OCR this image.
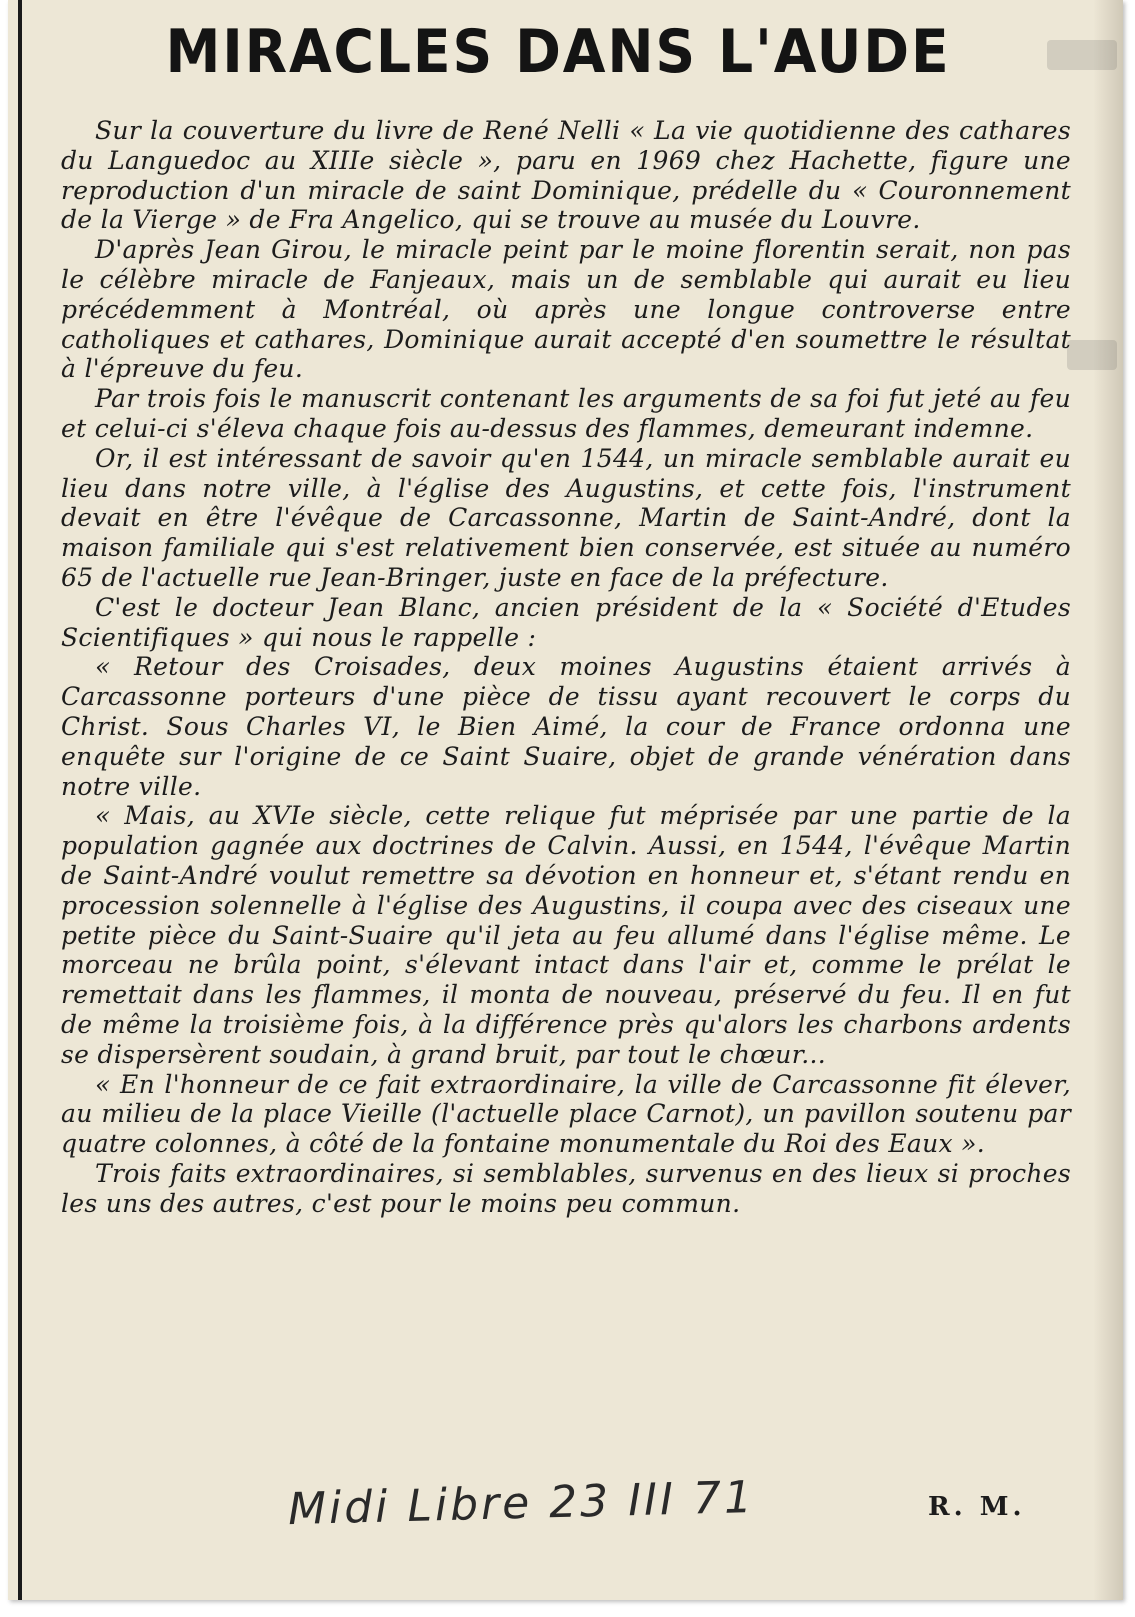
MIRACLES DANS L'AUDE

Sur la couverture du livre de René Nelli « La vie quotidienne des cathares du Languedoc au XIIIe siècle », paru en 1969 chez Hachette, figure une reproduction d'un miracle de saint Dominique, prédelle du « Couronnement de la Vierge » de Fra Angelico, qui se trouve au musée du Louvre.

D'après Jean Girou, le miracle peint par le moine florentin serait, non pas le célèbre miracle de Fanjeaux, mais un de semblable qui aurait eu lieu précédemment à Montréal, où après une longue controverse entre catholiques et cathares, Dominique aurait accepté d'en soumettre le résultat à l'épreuve du feu.

Par trois fois le manuscrit contenant les arguments de sa foi fut jeté au feu et celui-ci s'éleva chaque fois au-dessus des flammes, demeurant indemne.

Or, il est intéressant de savoir qu'en 1544, un miracle semblable aurait eu lieu dans notre ville, à l'église des Augustins, et cette fois, l'instrument devait en être l'évêque de Carcassonne, Martin de Saint-André, dont la maison familiale qui s'est relativement bien conservée, est située au numéro 65 de l'actuelle rue Jean-Bringer, juste en face de la préfecture.

C'est le docteur Jean Blanc, ancien président de la « Société d'Etudes Scientifiques » qui nous le rappelle :

« Retour des Croisades, deux moines Augustins étaient arrivés à Carcassonne porteurs d'une pièce de tissu ayant recouvert le corps du Christ. Sous Charles VI, le Bien Aimé, la cour de France ordonna une enquête sur l'origine de ce Saint Suaire, objet de grande vénération dans notre ville.

« Mais, au XVIe siècle, cette relique fut méprisée par une partie de la population gagnée aux doctrines de Calvin. Aussi, en 1544, l'évêque Martin de Saint-André voulut remettre sa dévotion en honneur et, s'étant rendu en procession solennelle à l'église des Augustins, il coupa avec des ciseaux une petite pièce du Saint-Suaire qu'il jeta au feu allumé dans l'église même. Le morceau ne brûla point, s'élevant intact dans l'air et, comme le prélat le remettait dans les flammes, il monta de nouveau, préservé du feu. Il en fut de même la troisième fois, à la différence près qu'alors les charbons ardents se dispersèrent soudain, à grand bruit, par tout le chœur...

« En l'honneur de ce fait extraordinaire, la ville de Carcassonne fit élever, au milieu de la place Vieille (l'actuelle place Carnot), un pavillon soutenu par quatre colonnes, à côté de la fontaine monumentale du Roi des Eaux ».

Trois faits extraordinaires, si semblables, survenus en des lieux si proches les uns des autres, c'est pour le moins peu commun.

Midi Libre 23 III 71	R. M.
